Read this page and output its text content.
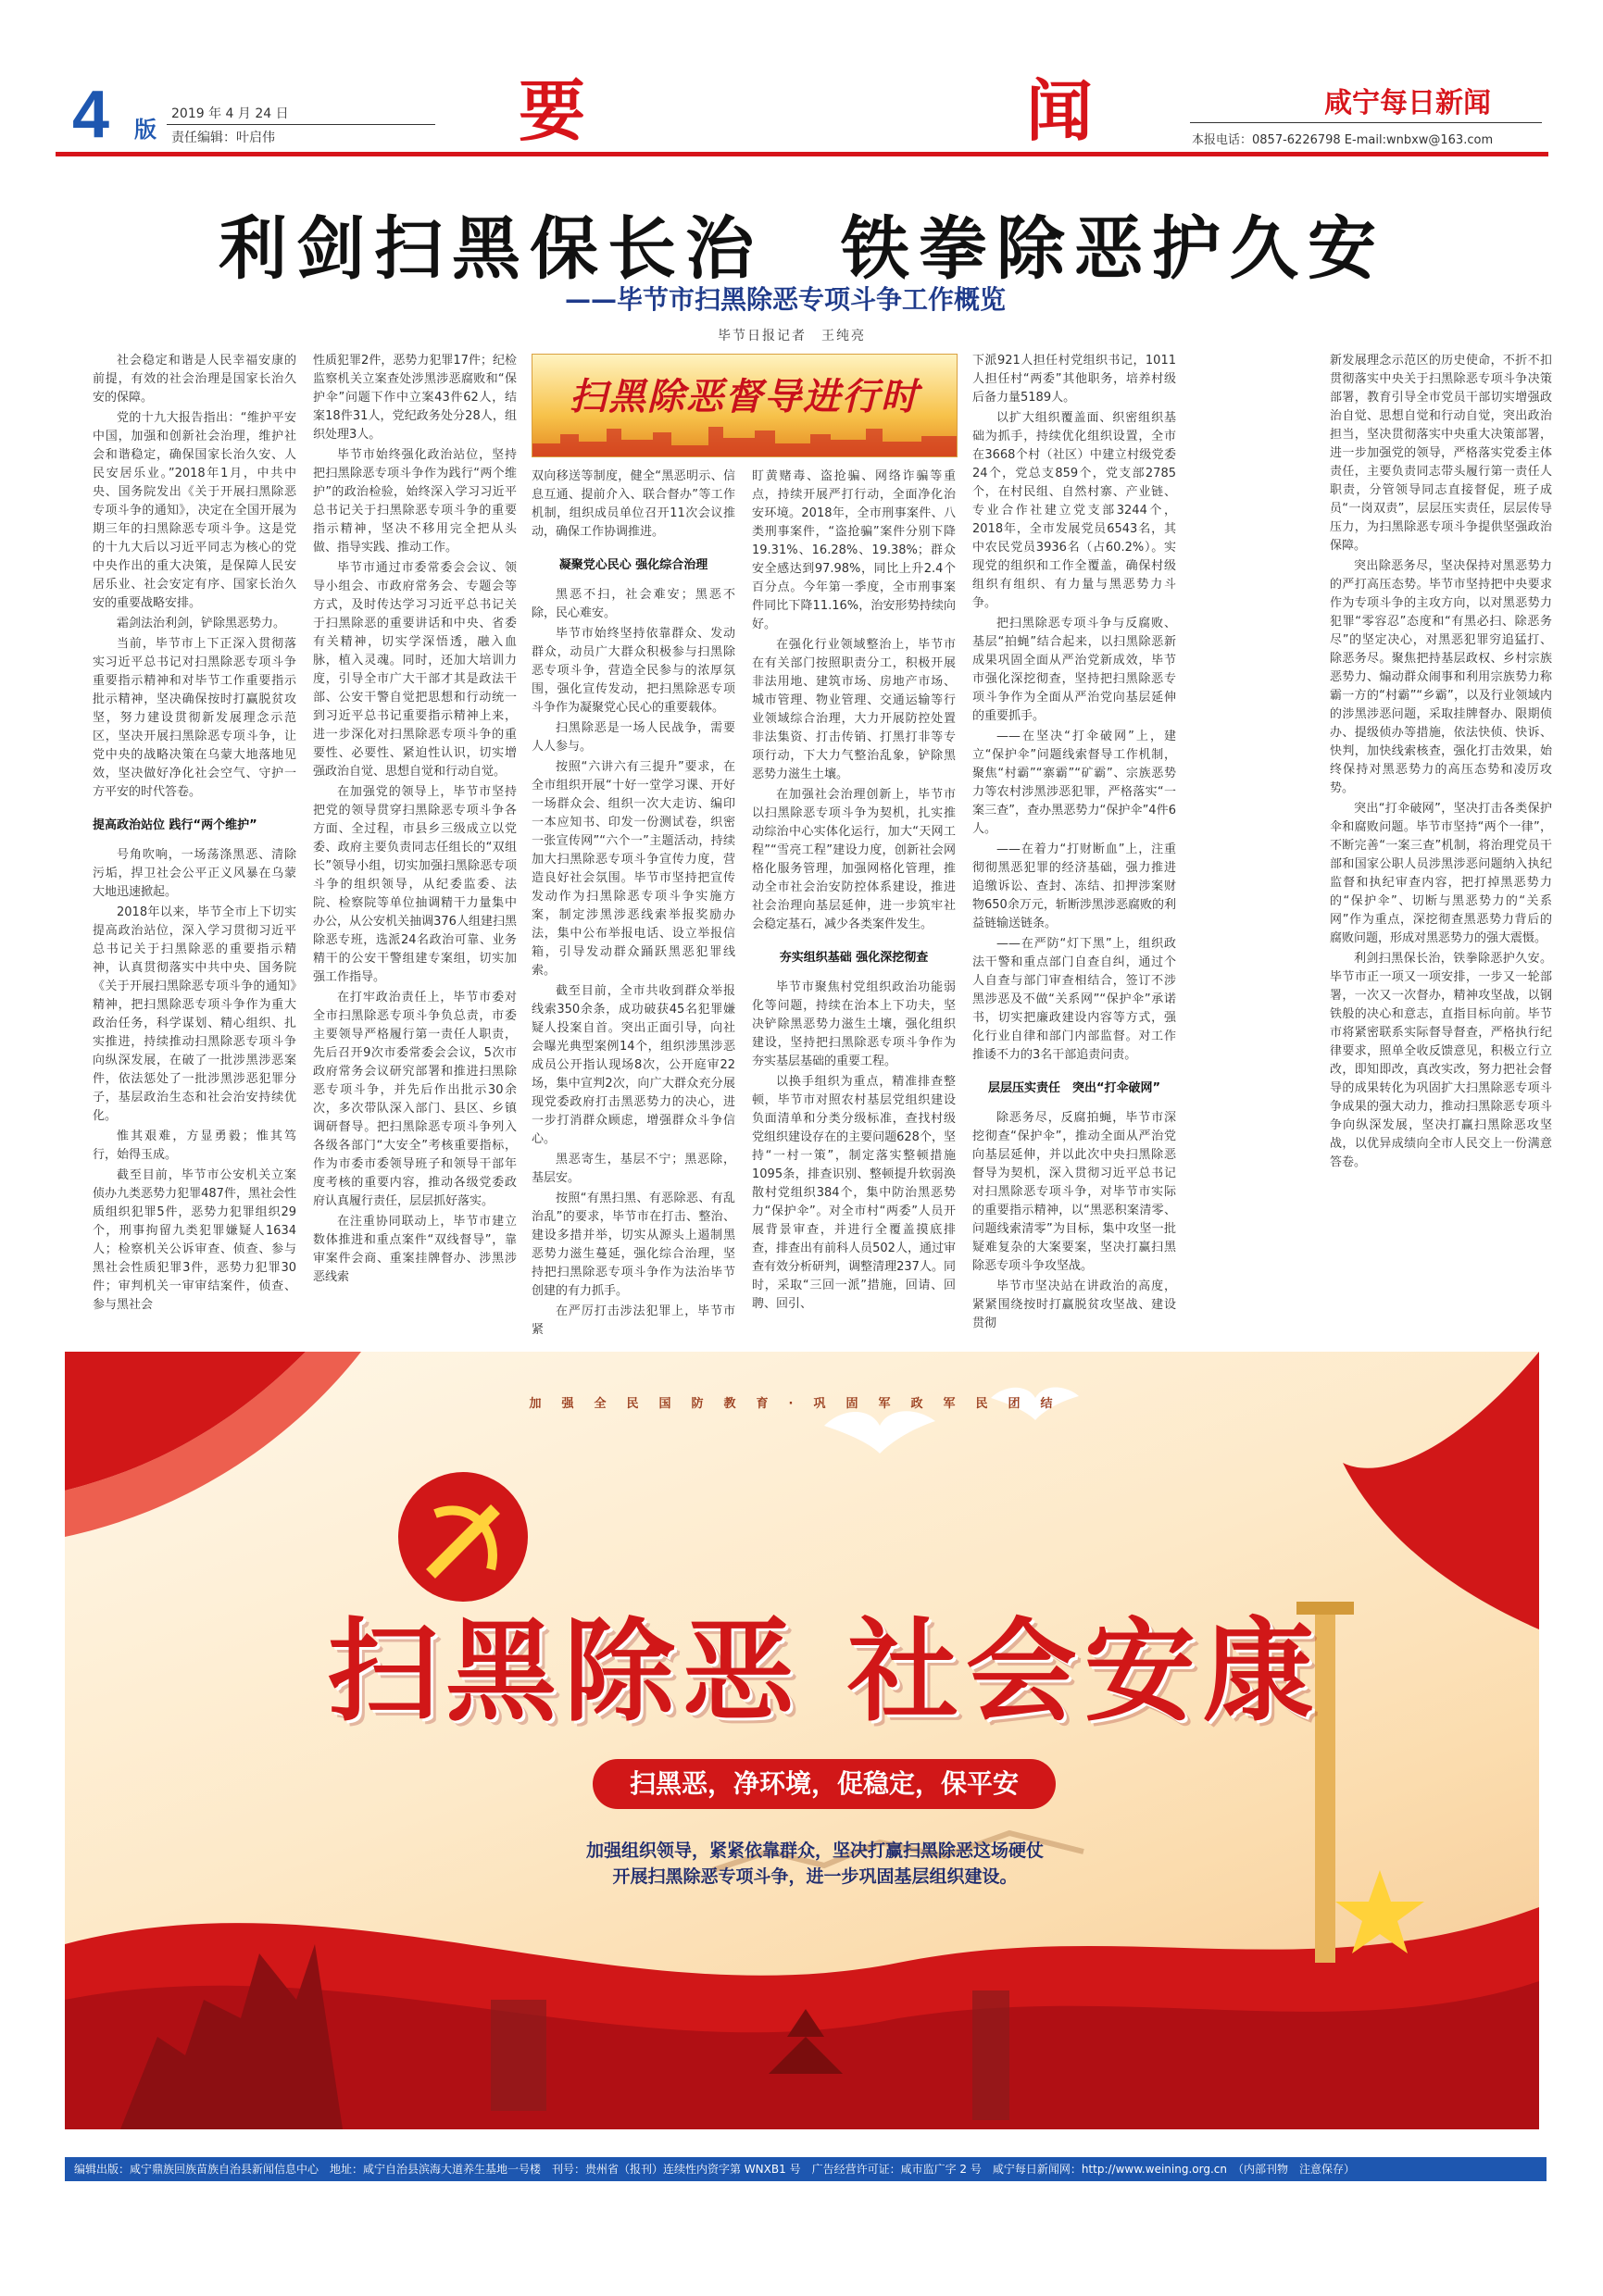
4 版
2019 年 4 月 24 日
责任编辑：叶启伟	要	闻	咸宁每日新闻
本报电话：0857-6226798 E-mail:wnbxw@163.com
利剑扫黑保长治　铁拳除恶护久安
——毕节市扫黑除恶专项斗争工作概览
毕节日报记者　王纯亮
扫黑除恶督导进行时

社会稳定和谐是人民幸福安康的前提，有效的社会治理是国家长治久安的保障。

党的十九大报告指出：“维护平安中国，加强和创新社会治理，维护社会和谐稳定，确保国家长治久安、人民安居乐业。”2018年1月，中共中央、国务院发出《关于开展扫黑除恶专项斗争的通知》，决定在全国开展为期三年的扫黑除恶专项斗争。这是党的十九大后以习近平同志为核心的党中央作出的重大决策，是保障人民安居乐业、社会安定有序、国家长治久安的重要战略安排。

霜剑法治利剑，铲除黑恶势力。

当前，毕节市上下正深入贯彻落实习近平总书记对扫黑除恶专项斗争重要指示精神和对毕节工作重要指示批示精神，坚决确保按时打赢脱贫攻坚，努力建设贯彻新发展理念示范区，坚决开展扫黑除恶专项斗争，让党中央的战略决策在乌蒙大地落地见效，坚决做好净化社会空气、守护一方平安的时代答卷。

提高政治站位 践行“两个维护”

号角吹响，一场荡涤黑恶、清除污垢，捍卫社会公平正义风暴在乌蒙大地迅速掀起。

2018年以来，毕节全市上下切实提高政治站位，深入学习贯彻习近平总书记关于扫黑除恶的重要指示精神，认真贯彻落实中共中央、国务院《关于开展扫黑除恶专项斗争的通知》精神，把扫黑除恶专项斗争作为重大政治任务，科学谋划、精心组织、扎实推进，持续推动扫黑除恶专项斗争向纵深发展，在破了一批涉黑涉恶案件，依法惩处了一批涉黑涉恶犯罪分子，基层政治生态和社会治安持续优化。

惟其艰难，方显勇毅；惟其笃行，始得玉成。

截至目前，毕节市公安机关立案侦办九类恶势力犯罪487件，黑社会性质组织犯罪5件，恶势力犯罪组织29个，刑事拘留九类犯罪嫌疑人1634人；检察机关公诉审查、侦查、参与黑社会性质犯罪3件，恶势力犯罪30件；审判机关一审审结案件，侦查、参与黑社会

性质犯罪2件，恶势力犯罪17件；纪检监察机关立案查处涉黑涉恶腐败和“保护伞”问题下作中立案43件62人，结案18件31人，党纪政务处分28人，组织处理3人。

毕节市始终强化政治站位，坚持把扫黑除恶专项斗争作为践行“两个维护”的政治检验，始终深入学习习近平总书记关于扫黑除恶专项斗争的重要指示精神，坚决不移用完全把从头做、指导实践、推动工作。

毕节市通过市委常委会会议、领导小组会、市政府常务会、专题会等方式，及时传达学习习近平总书记关于扫黑除恶的重要讲话和中央、省委有关精神，切实学深悟透，融入血脉，植入灵魂。同时，还加大培训力度，引导全市广大干部才其是政法干部、公安干警自觉把思想和行动统一到习近平总书记重要指示精神上来，进一步深化对扫黑除恶专项斗争的重要性、必要性、紧迫性认识，切实增强政治自觉、思想自觉和行动自觉。

在加强党的领导上，毕节市坚持把党的领导贯穿扫黑除恶专项斗争各方面、全过程，市县乡三级成立以党委、政府主要负责同志任组长的“双组长”领导小组，切实加强扫黑除恶专项斗争的组织领导，从纪委监委、法院、检察院等单位抽调精干力量集中办公，从公安机关抽调376人组建扫黑除恶专班，选派24名政治可靠、业务精干的公安干警组建专案组，切实加强工作指导。

在打牢政治责任上，毕节市委对全市扫黑除恶专项斗争负总责，市委主要领导严格履行第一责任人职责，先后召开9次市委常委会会议，5次市政府常务会议研究部署和推进扫黑除恶专项斗争，并先后作出批示30余次，多次带队深入部门、县区、乡镇调研督导。把扫黑除恶专项斗争列入各级各部门“大安全”考核重要指标，作为市委市委领导班子和领导干部年度考核的重要内容，推动各级党委政府认真履行责任，层层抓好落实。

在注重协同联动上，毕节市建立数体推进和重点案件“双线督导”，靠审案件会商、重案挂牌督办、涉黑涉恶线索

双向移送等制度，健全“黑恶明示、信息互通、提前介入、联合督办”等工作机制，组织成员单位召开11次会议推动，确保工作协调推进。

凝聚党心民心 强化综合治理

黑恶不扫，社会难安；黑恶不除，民心难安。

毕节市始终坚持依靠群众、发动群众，动员广大群众积极参与扫黑除恶专项斗争，营造全民参与的浓厚氛围，强化宣传发动，把扫黑除恶专项斗争作为凝聚党心民心的重要载体。

扫黑除恶是一场人民战争，需要人人参与。

按照“六讲六有三提升”要求，在全市组织开展“十好一堂学习课、开好一场群众会、组织一次大走访、编印一本应知书、印发一份测试卷，织密一张宣传网”“六个一”主题活动，持续加大扫黑除恶专项斗争宣传力度，营造良好社会氛围。毕节市坚持把宣传发动作为扫黑除恶专项斗争实施方案，制定涉黑涉恶线索举报奖励办法，集中公布举报电话、设立举报信箱，引导发动群众踊跃黑恶犯罪线索。

截至目前，全市共收到群众举报线索350余条，成功破获45名犯罪嫌疑人投案自首。突出正面引导，向社会曝光典型案例14个，组织涉黑涉恶成员公开指认现场8次，公开庭审22场，集中宣判2次，向广大群众充分展现党委政府打击黑恶势力的决心，进一步打消群众顾虑，增强群众斗争信心。

黑恶寄生，基层不宁；黑恶除，基层安。

按照“有黑扫黑、有恶除恶、有乱治乱”的要求，毕节市在打击、整治、建设多措并举，切实从源头上遏制黑恶势力滋生蔓延，强化综合治理，坚持把扫黑除恶专项斗争作为法治毕节创建的有力抓手。

在严厉打击涉法犯罪上，毕节市紧

盯黄赌毒、盗抢骗、网络诈骗等重点，持续开展严打行动，全面净化治安环境。2018年，全市刑事案件、八类刑事案件，“盗抢骗”案件分别下降19.31%、16.28%、19.38%；群众安全感达到97.98%，同比上升2.4个百分点。今年第一季度，全市刑事案件同比下降11.16%，治安形势持续向好。

在强化行业领域整治上，毕节市在有关部门按照职责分工，积极开展非法用地、建筑市场、房地产市场、城市管理、物业管理、交通运输等行业领域综合治理，大力开展防控处置非法集资、打击传销、打黑打非等专项行动，下大力气整治乱象，铲除黑恶势力滋生土壤。

在加强社会治理创新上，毕节市以扫黑除恶专项斗争为契机，扎实推动综治中心实体化运行，加大“天网工程”“雪亮工程”建设力度，创新社会网格化服务管理，加强网格化管理，推动全市社会治安防控体系建设，推进社会治理向基层延伸，进一步筑牢社会稳定基石，减少各类案件发生。

夯实组织基础 强化深挖彻查

毕节市聚焦村党组织政治功能弱化等问题，持续在治本上下功夫，坚决铲除黑恶势力滋生土壤，强化组织建设，坚持把扫黑除恶专项斗争作为夯实基层基础的重要工程。

以换手组织为重点，精准排查整顿，毕节市对照农村基层党组织建设负面清单和分类分级标准，查找村级党组织建设存在的主要问题628个，坚持“一村一策”，制定落实整顿措施1095条，排查识别、整顿提升软弱涣散村党组织384个，集中防治黑恶势力“保护伞”。对全市村“两委”人员开展背景审查，并进行全覆盖摸底排查，排查出有前科人员502人，通过审查有效分析研判，调整清理237人。同时，采取“三回一派”措施，回请、回聘、回引、

下派921人担任村党组织书记，1011人担任村“两委”其他职务，培养村级后备力量5189人。

以扩大组织覆盖面、织密组织基础为抓手，持续优化组织设置，全市在3668个村（社区）中建立村级党委24个，党总支859个，党支部2785个，在村民组、自然村寨、产业链、专业合作社建立党支部3244个，2018年，全市发展党员6543名，其中农民党员3936名（占60.2%）。实现党的组织和工作全覆盖，确保村级组织有组织、有力量与黑恶势力斗争。

把扫黑除恶专项斗争与反腐败、基层“拍蝇”结合起来，以扫黑除恶新成果巩固全面从严治党新成效，毕节市强化深挖彻查，坚持把扫黑除恶专项斗争作为全面从严治党向基层延伸的重要抓手。

——在坚决“打伞破网”上，建立“保护伞”问题线索督导工作机制，聚焦“村霸”“寨霸”“矿霸”、宗族恶势力等农村涉黑涉恶犯罪，严格落实“一案三查”，查办黑恶势力“保护伞”4件6人。

——在着力“打财断血”上，注重彻彻黑恶犯罪的经济基础，强力推进追缴诉讼、查封、冻结、扣押涉案财物650余万元，斩断涉黑涉恶腐败的利益链输送链条。

——在严防“灯下黑”上，组织政法干警和重点部门自查自纠，通过个人自查与部门审查相结合，签订不涉黑涉恶及不做“关系网”“保护伞”承诺书，切实把廉政建设内容等方式，强化行业自律和部门内部监督。对工作推诿不力的3名干部追责问责。

层层压实责任　突出“打伞破网”

除恶务尽，反腐拍蝇，毕节市深挖彻查“保护伞”，推动全面从严治党向基层延伸，并以此次中央扫黑除恶督导为契机，深入贯彻习近平总书记对扫黑除恶专项斗争，对毕节市实际的重要指示精神，以“黑恶积案清零、问题线索清零”为目标，集中攻坚一批疑难复杂的大案要案，坚决打赢扫黑除恶专项斗争攻坚战。

毕节市坚决站在讲政治的高度，紧紧围绕按时打赢脱贫攻坚战、建设贯彻

新发展理念示范区的历史使命，不折不扣贯彻落实中央关于扫黑除恶专项斗争决策部署，教育引导全市党员干部切实增强政治自觉、思想自觉和行动自觉，突出政治担当，坚决贯彻落实中央重大决策部署，进一步加强党的领导，严格落实党委主体责任，主要负责同志带头履行第一责任人职责，分管领导同志直接督促，班子成员“一岗双责”，层层压实责任，层层传导压力，为扫黑除恶专项斗争提供坚强政治保障。

突出除恶务尽，坚决保持对黑恶势力的严打高压态势。毕节市坚持把中央要求作为专项斗争的主攻方向，以对黑恶势力犯罪“零容忍”态度和“有黑必扫、除恶务尽”的坚定决心，对黑恶犯罪穷追猛打、除恶务尽。聚焦把持基层政权、乡村宗族恶势力、煽动群众闹事和利用宗族势力称霸一方的“村霸”“乡霸”，以及行业领域内的涉黑涉恶问题，采取挂牌督办、限期侦办、提级侦办等措施，依法快侦、快诉、快判，加快线索核查，强化打击效果，始终保持对黑恶势力的高压态势和凌厉攻势。

突出“打伞破网”，坚决打击各类保护伞和腐败问题。毕节市坚持“两个一律”，不断完善“一案三查”机制，将治理党员干部和国家公职人员涉黑涉恶问题纳入执纪监督和执纪审查内容，把打掉黑恶势力的“保护伞”、切断与黑恶势力的“关系网”作为重点，深挖彻查黑恶势力背后的腐败问题，形成对黑恶势力的强大震慑。

利剑扫黑保长治，铁拳除恶护久安。毕节市正一项又一项安排，一步又一轮部署，一次又一次督办，精神攻坚战，以钢铁般的决心和意志，直指目标向前。毕节市将紧密联系实际督导督查，严格执行纪律要求，照单全收反馈意见，积极立行立改，即知即改，真改实改，努力把社会督导的成果转化为巩固扩大扫黑除恶专项斗争成果的强大动力，推动扫黑除恶专项斗争向纵深发展，坚决打赢扫黑除恶攻坚战，以优异成绩向全市人民交上一份满意答卷。

加强全民国防教育·巩固军政军民团结
扫黑除恶 社会安康
扫黑恶，净环境，促稳定，保平安
加强组织领导，紧紧依靠群众，坚决打赢扫黑除恶这场硬仗
开展扫黑除恶专项斗争，进一步巩固基层组织建设。
编辑出版：咸宁鼎族回族苗族自治县新闻信息中心　地址：咸宁自治县滨海大道养生基地一号楼　刊号：贵州省（报刊）连续性内资字第 WNXB1 号　广告经营许可证：咸市监广字 2 号　咸宁每日新闻网：http://www.weining.org.cn　（内部刊物　注意保存）
